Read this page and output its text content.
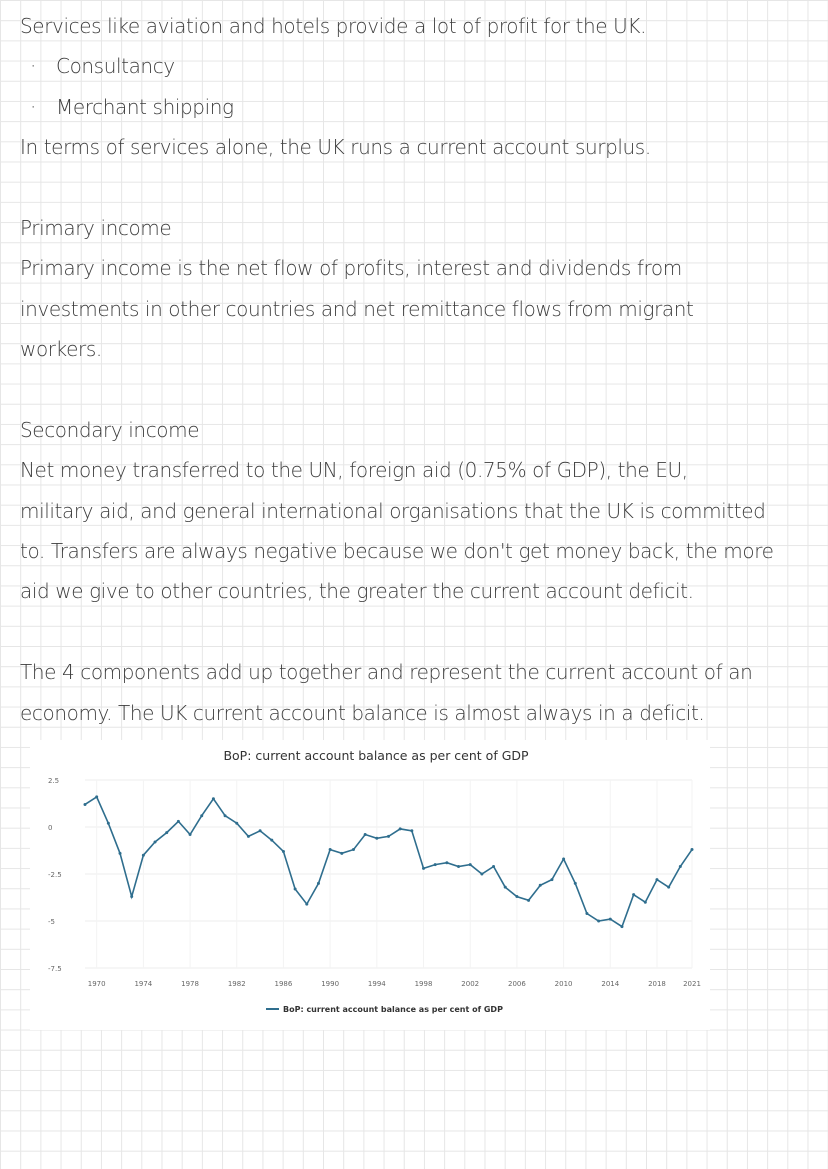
Services like aviation and hotels provide a lot of profit for the UK.
· Consultancy
· Merchant shipping
In terms of services alone, the UK runs a current account surplus.
Primary income
Primary income is the net flow of profits, interest and dividends from
investments in other countries and net remittance flows from migrant
workers.
Secondary income
Net money transferred to the UN, foreign aid (0.75% of GDP), the EU,
military aid, and general international organisations that the UK is committed
to. Transfers are always negative because we don't get money back, the more
aid we give to other countries, the greater the current account deficit.
The 4 components add up together and represent the current account of an
economy. The UK current account balance is almost always in a deficit.
BoP: current account balance as per cent of GDP
2.5
0
-2.5
-5
-7.5
1970	1974	1978	1982	1986	1990	1994	1998	2002	2006	2010	2014	2018 2021
BoP: current account balance as per cent of GDP
